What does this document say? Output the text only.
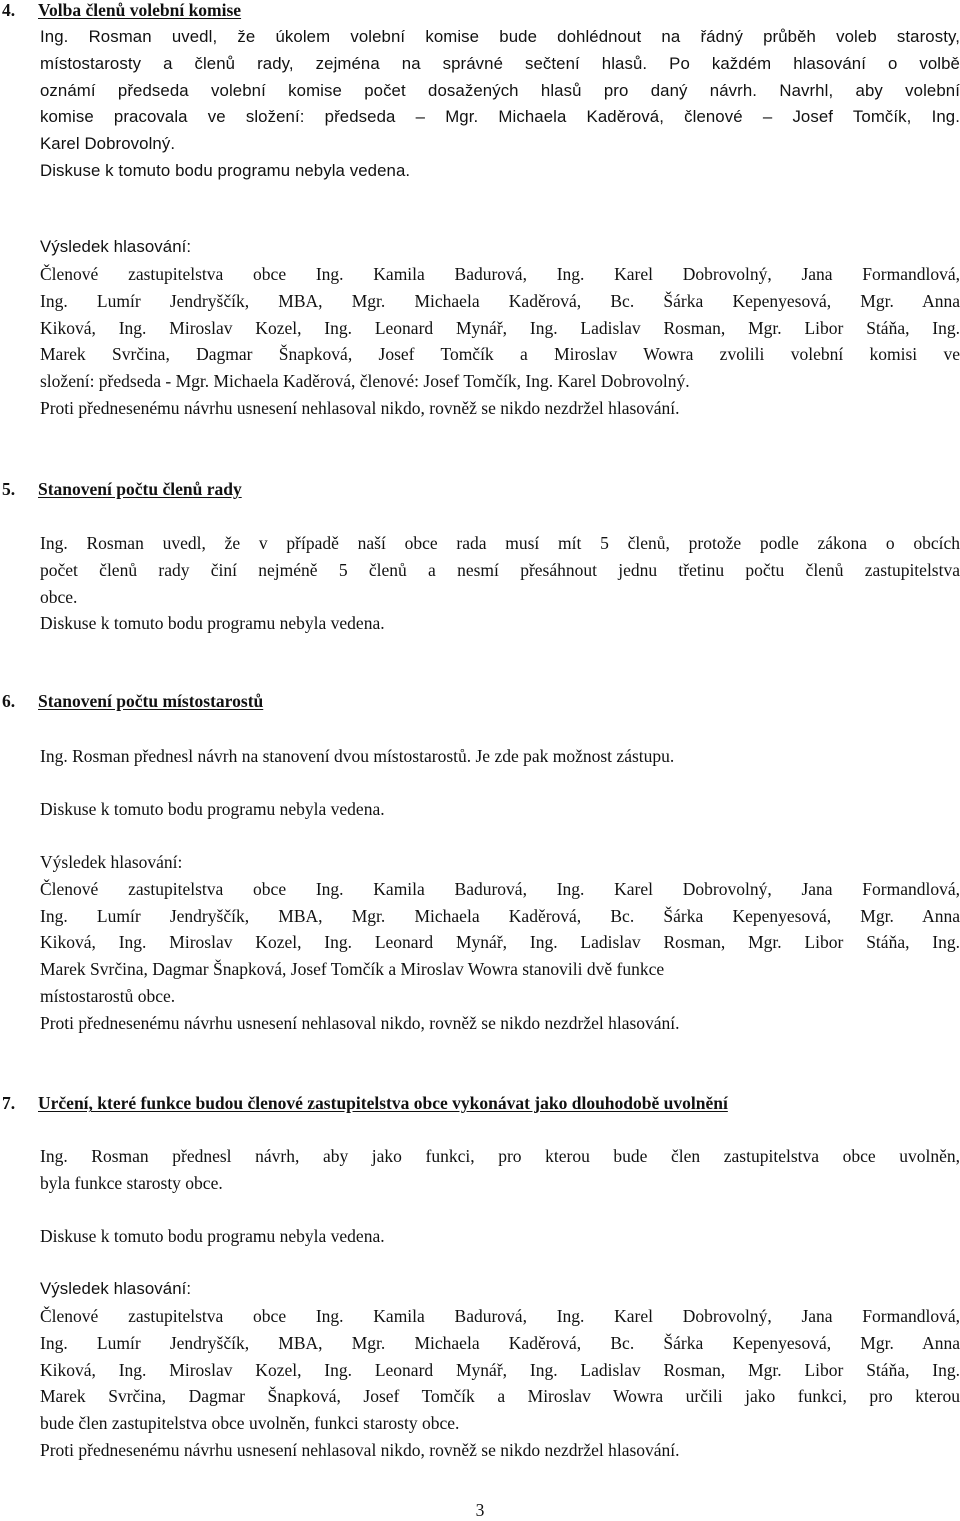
4. Volba členů volební komise
Ing. Rosman uvedl, že úkolem volební komise bude dohlédnout na řádný průběh voleb starosty,
místostarosty a členů rady, zejména na správné sečtení hlasů. Po každém hlasování o volbě
oznámí předseda volební komise počet dosažených hlasů pro daný návrh. Navrhl, aby volební
komise pracovala ve složení: předseda – Mgr. Michaela Kaděrová, členové – Josef Tomčík, Ing.
Karel Dobrovolný.
Diskuse k tomuto bodu programu nebyla vedena.
Výsledek hlasování:
Členové zastupitelstva obce Ing. Kamila Badurová, Ing. Karel Dobrovolný, Jana Formandlová,
Ing. Lumír Jendryščík, MBA, Mgr. Michaela Kaděrová, Bc. Šárka Kepenyesová, Mgr. Anna
Kiková, Ing. Miroslav Kozel, Ing. Leonard Mynář, Ing. Ladislav Rosman, Mgr. Libor Stáňa, Ing.
Marek Svrčina, Dagmar Šnapková, Josef Tomčík a Miroslav Wowra zvolili volební komisi ve
složení: předseda - Mgr. Michaela Kaděrová, členové: Josef Tomčík, Ing. Karel Dobrovolný.
Proti přednesenému návrhu usnesení nehlasoval nikdo, rovněž se nikdo nezdržel hlasování.
5. Stanovení počtu členů rady
Ing. Rosman uvedl, že v případě naší obce rada musí mít 5 členů, protože podle zákona o obcích
počet členů rady činí nejméně 5 členů a nesmí přesáhnout jednu třetinu počtu členů zastupitelstva
obce.
Diskuse k tomuto bodu programu nebyla vedena.
6. Stanovení počtu místostarostů
Ing. Rosman přednesl návrh na stanovení dvou místostarostů. Je zde pak možnost zástupu.
Diskuse k tomuto bodu programu nebyla vedena.
Výsledek hlasování:
Členové zastupitelstva obce Ing. Kamila Badurová, Ing. Karel Dobrovolný, Jana Formandlová,
Ing. Lumír Jendryščík, MBA, Mgr. Michaela Kaděrová, Bc. Šárka Kepenyesová, Mgr. Anna
Kiková, Ing. Miroslav Kozel, Ing. Leonard Mynář, Ing. Ladislav Rosman, Mgr. Libor Stáňa, Ing.
Marek Svrčina, Dagmar Šnapková, Josef Tomčík a Miroslav Wowra stanovili dvě funkce
místostarostů obce.
Proti přednesenému návrhu usnesení nehlasoval nikdo, rovněž se nikdo nezdržel hlasování.
7. Určení, které funkce budou členové zastupitelstva obce vykonávat jako dlouhodobě uvolnění
Ing. Rosman přednesl návrh, aby jako funkci, pro kterou bude člen zastupitelstva obce uvolněn,
byla funkce starosty obce.
Diskuse k tomuto bodu programu nebyla vedena.
Výsledek hlasování:
Členové zastupitelstva obce Ing. Kamila Badurová, Ing. Karel Dobrovolný, Jana Formandlová,
Ing. Lumír Jendryščík, MBA, Mgr. Michaela Kaděrová, Bc. Šárka Kepenyesová, Mgr. Anna
Kiková, Ing. Miroslav Kozel, Ing. Leonard Mynář, Ing. Ladislav Rosman, Mgr. Libor Stáňa, Ing.
Marek Svrčina, Dagmar Šnapková, Josef Tomčík a Miroslav Wowra určili jako funkci, pro kterou
bude člen zastupitelstva obce uvolněn, funkci starosty obce.
Proti přednesenému návrhu usnesení nehlasoval nikdo, rovněž se nikdo nezdržel hlasování.
3
